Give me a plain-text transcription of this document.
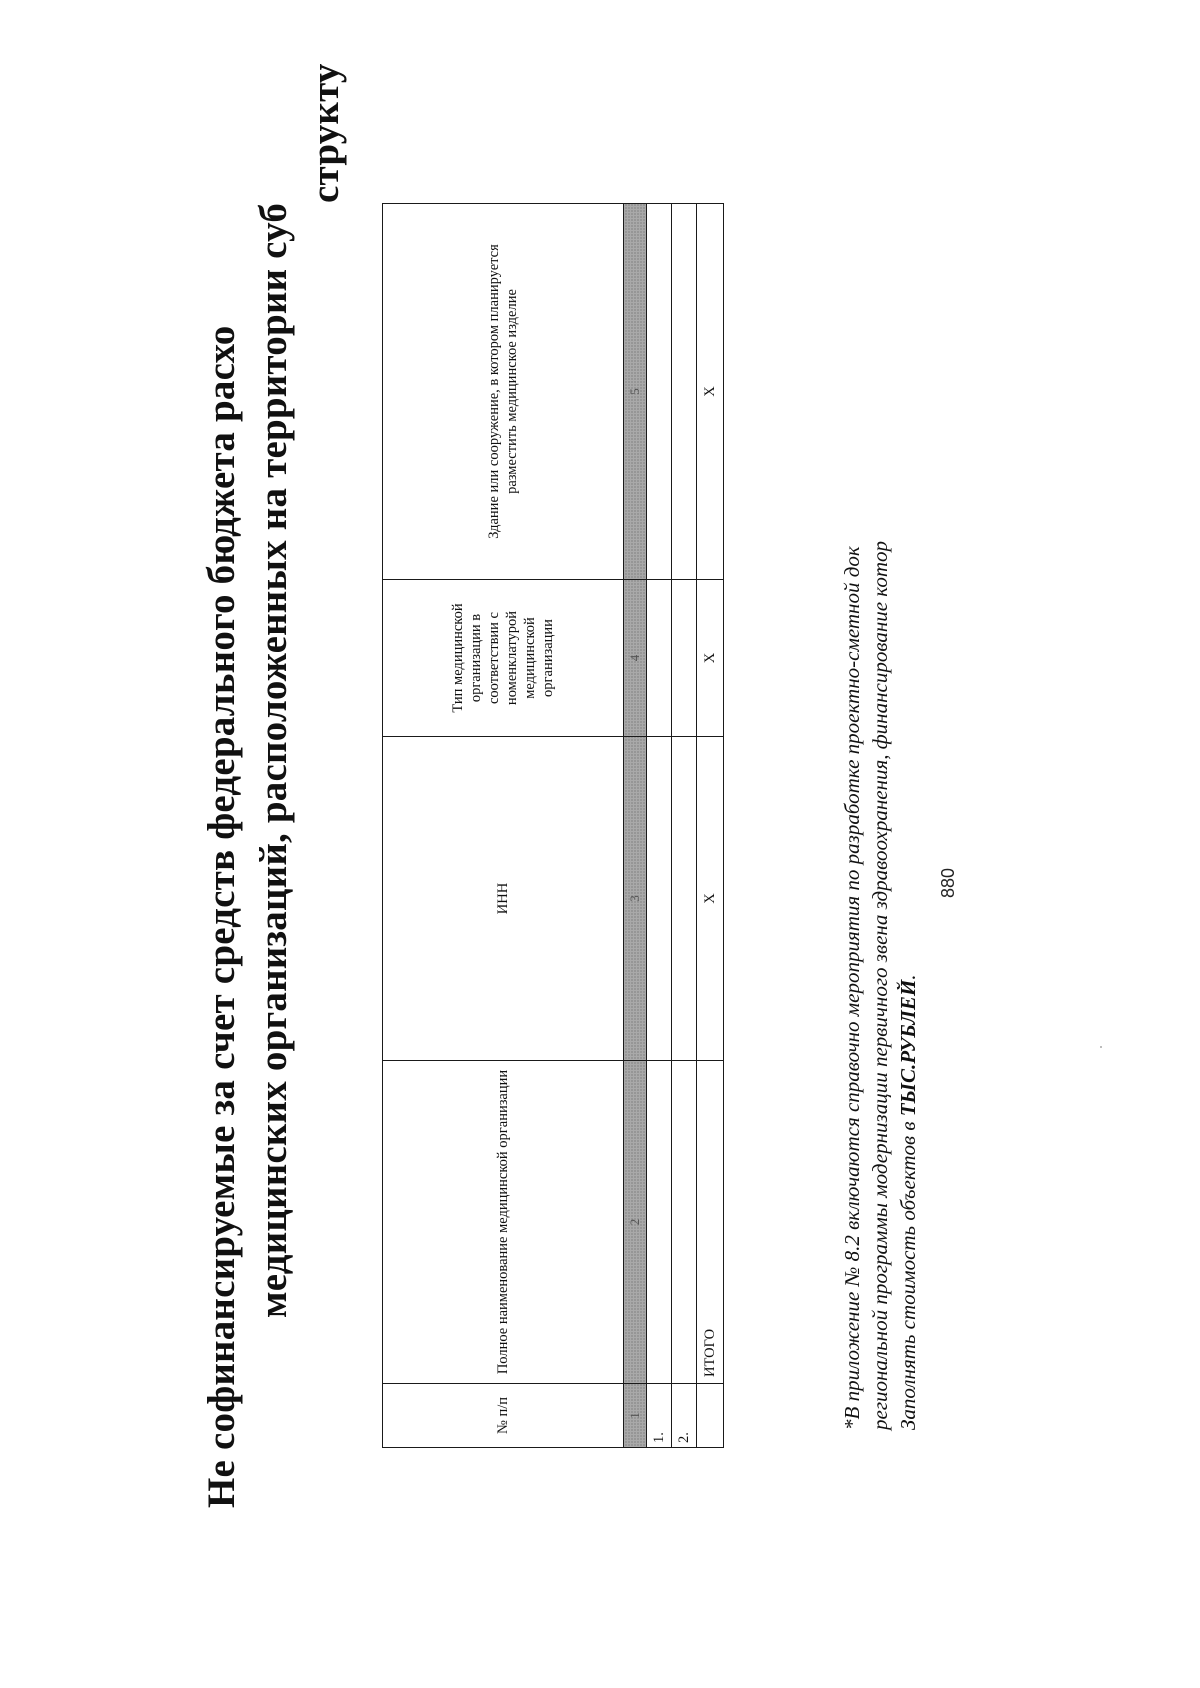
Не софинансируемые за счет средств федерального бюджета расхо медицинских организаций, расположенных на территории суб
структу
№ п/п	Полное наименование медицинской организации	ИНН	Тип медицинской организации в соответствии с номенклатурой медицинской организации	Здание или сооружение, в котором планируется разместить медицинское изделие
1	2	3	4	5
1.				
2.				
	ИТОГО	Х	Х	Х

*В приложение № 8.2 включаются справочно мероприятия по разработке проектно-сметной док региональной программы модернизации первичного звена здравоохранения, финансирование котор Заполнять стоимость объектов в ТЫС.РУБЛЕЙ.

880
